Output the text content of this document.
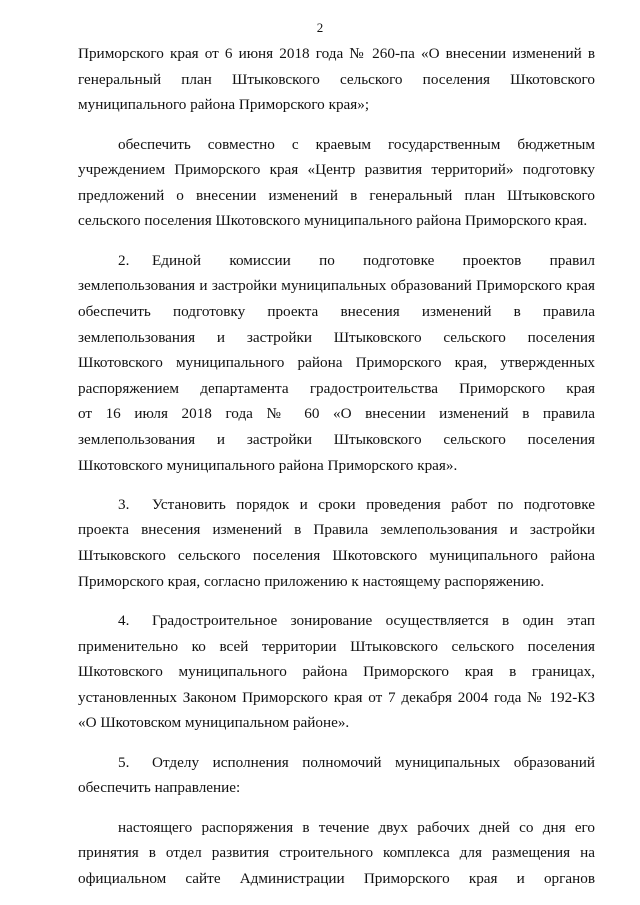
2

Приморского края от 6 июня 2018 года № 260-па «О внесении изменений в

генеральный план Штыковского сельского поселения Шкотовского

муниципального района Приморского края»;

обеспечить совместно с краевым государственным бюджетным

учреждением Приморского края «Центр развития территорий» подготовку

предложений о внесении изменений в генеральный план Штыковского

сельского поселения Шкотовского муниципального района Приморского края.

2. Единой комиссии по подготовке проектов правил

землепользования и застройки муниципальных образований Приморского края

обеспечить подготовку проекта внесения изменений в правила

землепользования и застройки Штыковского сельского поселения

Шкотовского муниципального района Приморского края, утвержденных

распоряжением департамента градостроительства Приморского края

от 16 июля 2018 года № 60 «О внесении изменений в правила

землепользования и застройки Штыковского сельского поселения

Шкотовского муниципального района Приморского края».

3. Установить порядок и сроки проведения работ по подготовке

проекта внесения изменений в Правила землепользования и застройки

Штыковского сельского поселения Шкотовского муниципального района

Приморского края, согласно приложению к настоящему распоряжению.

4. Градостроительное зонирование осуществляется в один этап

применительно ко всей территории Штыковского сельского поселения

Шкотовского муниципального района Приморского края в границах,

установленных Законом Приморского края от 7 декабря 2004 года № 192-КЗ

«О Шкотовском муниципальном районе».

5. Отделу исполнения полномочий муниципальных образований

обеспечить направление:

настоящего распоряжения в течение двух рабочих дней со дня его

принятия в отдел развития строительного комплекса для размещения на

официальном сайте Администрации Приморского края и органов
